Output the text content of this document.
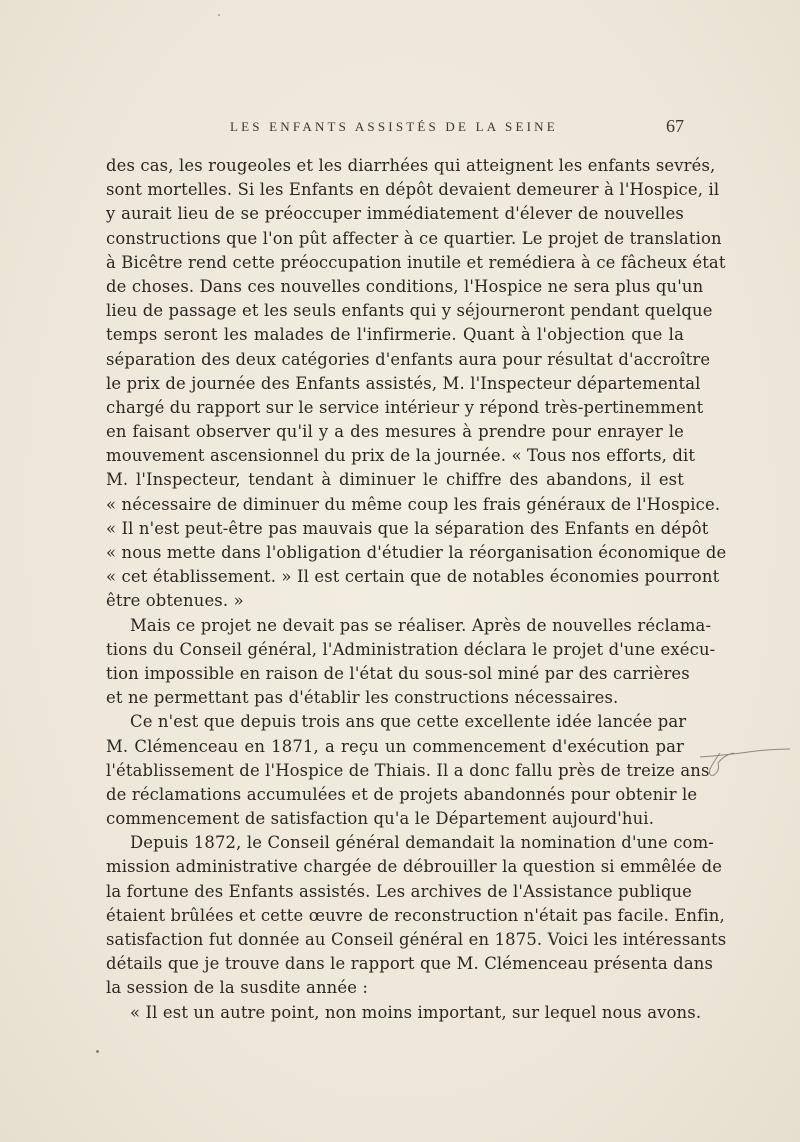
LES ENFANTS ASSISTÉS DE LA SEINE	67
des cas, les rougeoles et les diarrhées qui atteignent les enfants sevrés,
sont mortelles. Si les Enfants en dépôt devaient demeurer à l'Hospice, il
y aurait lieu de se préoccuper immédiatement d'élever de nouvelles
constructions que l'on pût affecter à ce quartier. Le projet de translation
à Bicêtre rend cette préoccupation inutile et remédiera à ce fâcheux état
de choses. Dans ces nouvelles conditions, l'Hospice ne sera plus qu'un
lieu de passage et les seuls enfants qui y séjourneront pendant quelque
temps seront les malades de l'infirmerie. Quant à l'objection que la
séparation des deux catégories d'enfants aura pour résultat d'accroître
le prix de journée des Enfants assistés, M. l'Inspecteur départemental
chargé du rapport sur le service intérieur y répond très-pertinemment
en faisant observer qu'il y a des mesures à prendre pour enrayer le
mouvement ascensionnel du prix de la journée. « Tous nos efforts, dit
M. l'Inspecteur, tendant à diminuer le chiffre des abandons, il est
« nécessaire de diminuer du même coup les frais généraux de l'Hospice.
« Il n'est peut-être pas mauvais que la séparation des Enfants en dépôt
« nous mette dans l'obligation d'étudier la réorganisation économique de
« cet établissement. » Il est certain que de notables économies pourront
être obtenues. »
Mais ce projet ne devait pas se réaliser. Après de nouvelles réclama-
tions du Conseil général, l'Administration déclara le projet d'une exécu-
tion impossible en raison de l'état du sous-sol miné par des carrières
et ne permettant pas d'établir les constructions nécessaires.
Ce n'est que depuis trois ans que cette excellente idée lancée par
M. Clémenceau en 1871, a reçu un commencement d'exécution par
l'établissement de l'Hospice de Thiais. Il a donc fallu près de treize ans
de réclamations accumulées et de projets abandonnés pour obtenir le
commencement de satisfaction qu'a le Département aujourd'hui.
Depuis 1872, le Conseil général demandait la nomination d'une com-
mission administrative chargée de débrouiller la question si emmêlée de
la fortune des Enfants assistés. Les archives de l'Assistance publique
étaient brûlées et cette œuvre de reconstruction n'était pas facile. Enfin,
satisfaction fut donnée au Conseil général en 1875. Voici les intéressants
détails que je trouve dans le rapport que M. Clémenceau présenta dans
la session de la susdite année :
« Il est un autre point, non moins important, sur lequel nous avons.
